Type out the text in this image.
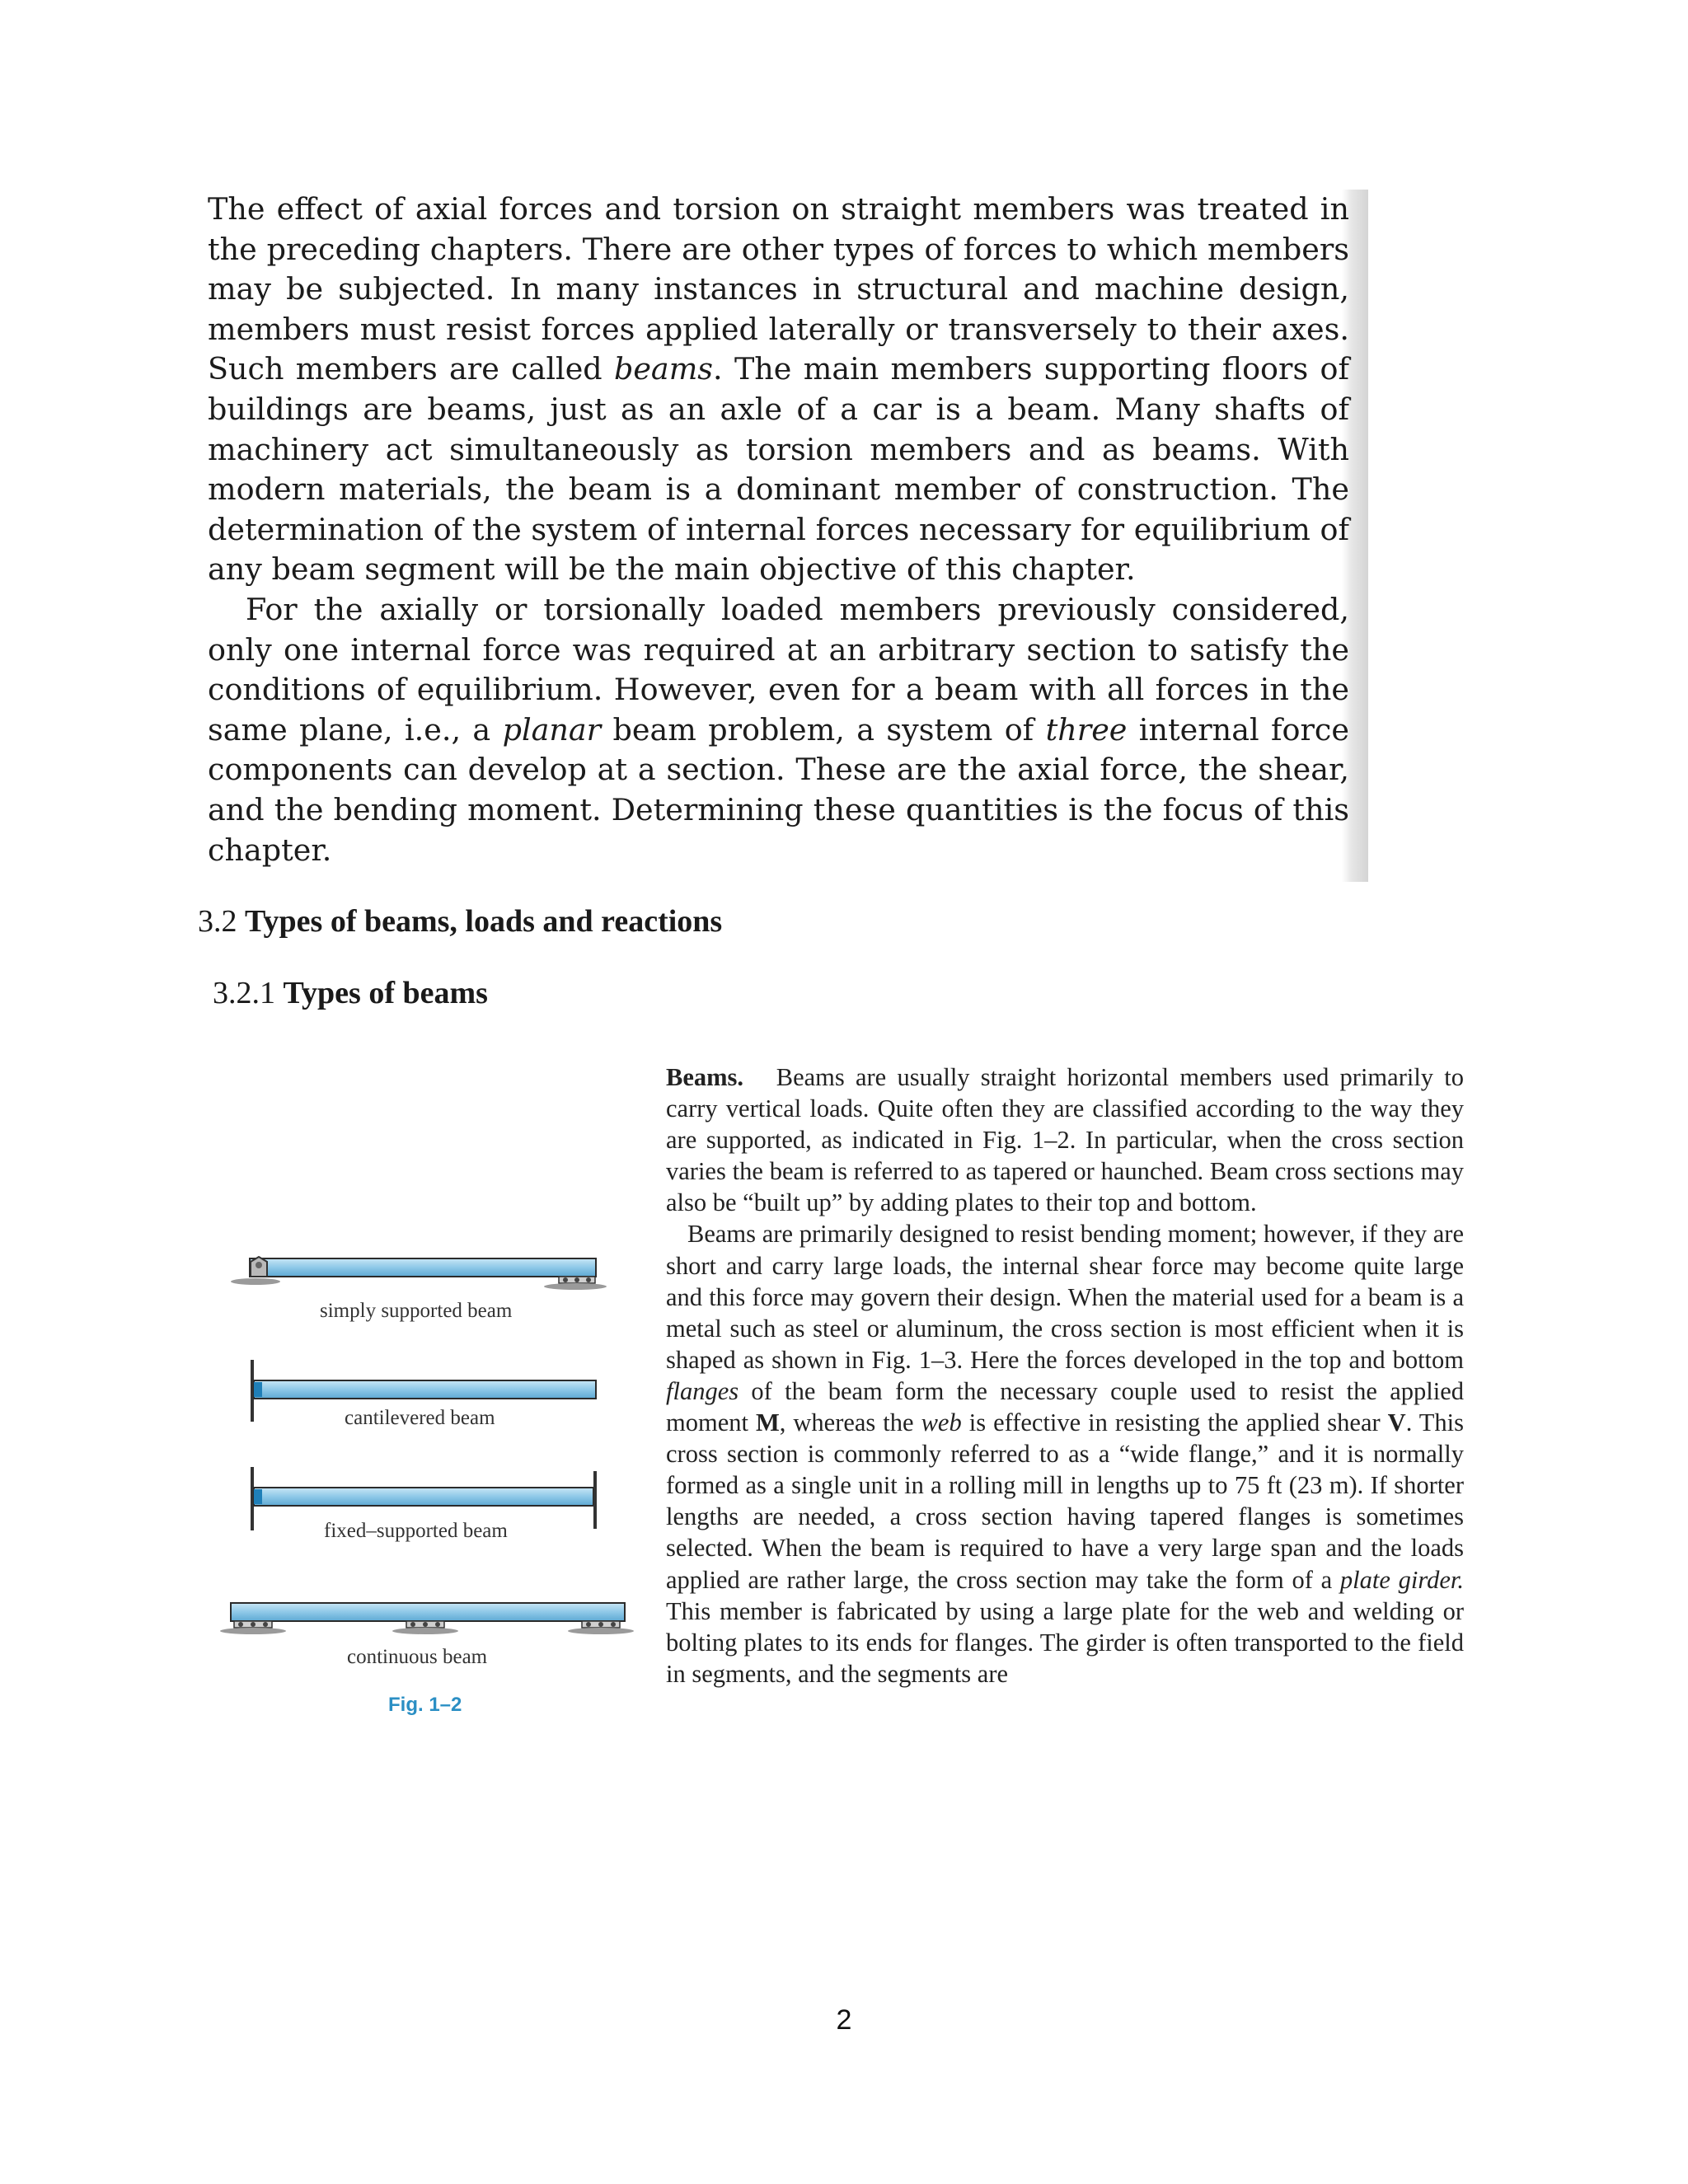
The effect of axial forces and torsion on straight members was treated in the preceding chapters. There are other types of forces to which members may be subjected. In many instances in structural and machine design, members must resist forces applied laterally or transversely to their axes. Such members are called beams. The main members supporting floors of buildings are beams, just as an axle of a car is a beam. Many shafts of machinery act simultaneously as torsion members and as beams. With modern materials, the beam is a dominant member of construction. The determination of the system of internal forces necessary for equilibrium of any beam segment will be the main objective of this chapter.

For the axially or torsionally loaded members previously considered, only one internal force was required at an arbitrary section to satisfy the conditions of equilibrium. However, even for a beam with all forces in the same plane, i.e., a planar beam problem, a system of three internal force components can develop at a section. These are the axial force, the shear, and the bending moment. Determining these quantities is the focus of this chapter.

3.2 Types of beams, loads and reactions
3.2.1 Types of beams
simply supported beam
cantilevered beam
fixed–supported beam
continuous beam
Fig. 1–2

Beams. Beams are usually straight horizontal members used primarily to carry vertical loads. Quite often they are classified according to the way they are supported, as indicated in Fig. 1–2. In particular, when the cross section varies the beam is referred to as tapered or haunched. Beam cross sections may also be “built up” by adding plates to their top and bottom.

Beams are primarily designed to resist bending moment; however, if they are short and carry large loads, the internal shear force may become quite large and this force may govern their design. When the material used for a beam is a metal such as steel or aluminum, the cross section is most efficient when it is shaped as shown in Fig. 1–3. Here the forces developed in the top and bottom flanges of the beam form the necessary couple used to resist the applied moment M, whereas the web is effective in resisting the applied shear V. This cross section is commonly referred to as a “wide flange,” and it is normally formed as a single unit in a rolling mill in lengths up to 75 ft (23 m). If shorter lengths are needed, a cross section having tapered flanges is sometimes selected. When the beam is required to have a very large span and the loads applied are rather large, the cross section may take the form of a plate girder. This member is fabricated by using a large plate for the web and welding or bolting plates to its ends for flanges. The girder is often transported to the field in segments, and the segments are

2
